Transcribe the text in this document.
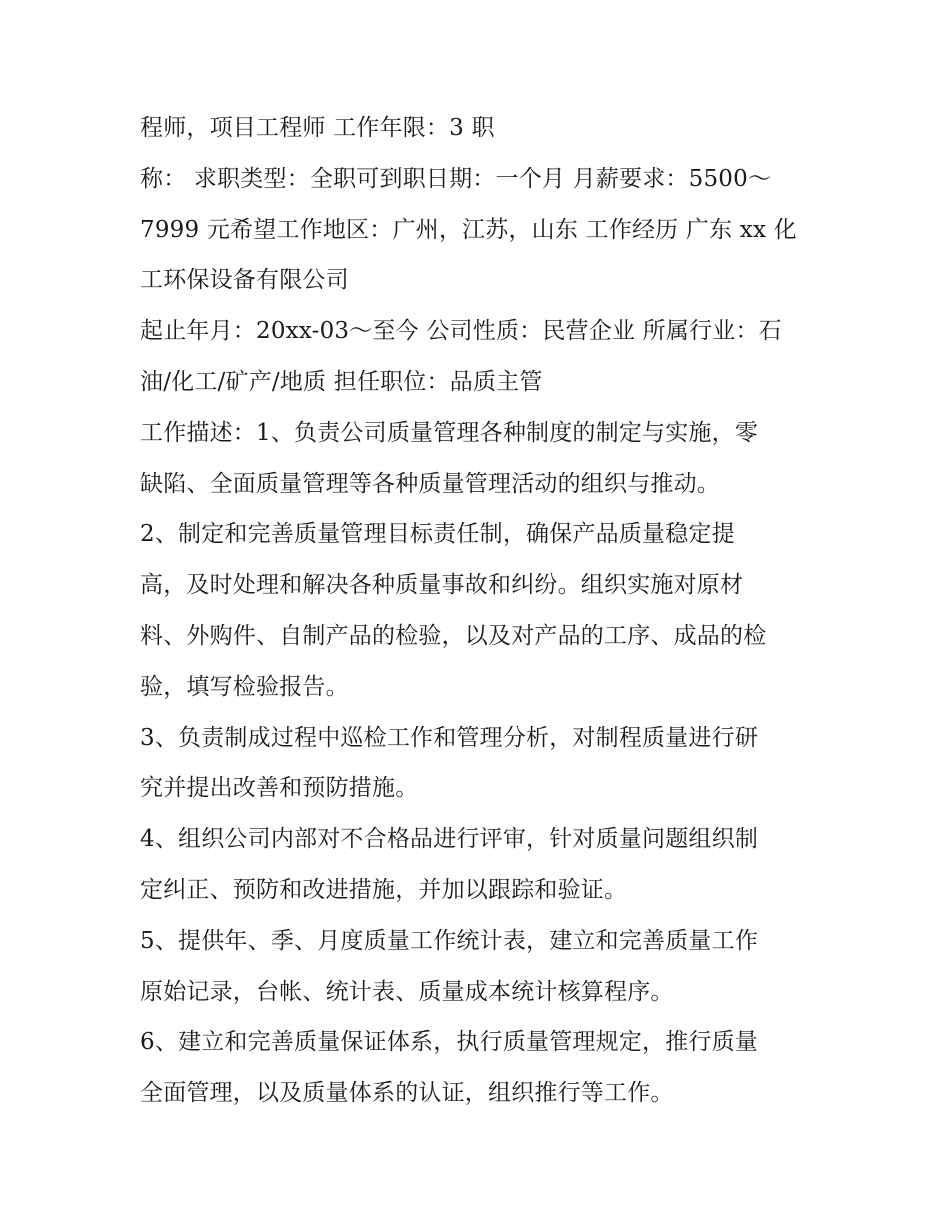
程师，项目工程师 工作年限：3 职
称： 求职类型：全职可到职日期：一个月 月薪要求：5500～
7999 元希望工作地区：广州，江苏，山东 工作经历 广东 xx 化
工环保设备有限公司
起止年月：20xx-03～至今 公司性质：民营企业 所属行业：石
油/化工/矿产/地质 担任职位：品质主管
工作描述：1、负责公司质量管理各种制度的制定与实施，零
缺陷、全面质量管理等各种质量管理活动的组织与推动。
2、制定和完善质量管理目标责任制，确保产品质量稳定提
高，及时处理和解决各种质量事故和纠纷。组织实施对原材
料、外购件、自制产品的检验，以及对产品的工序、成品的检
验，填写检验报告。
3、负责制成过程中巡检工作和管理分析，对制程质量进行研
究并提出改善和预防措施。
4、组织公司内部对不合格品进行评审，针对质量问题组织制
定纠正、预防和改进措施，并加以跟踪和验证。
5、提供年、季、月度质量工作统计表，建立和完善质量工作
原始记录，台帐、统计表、质量成本统计核算程序。
6、建立和完善质量保证体系，执行质量管理规定，推行质量
全面管理，以及质量体系的认证，组织推行等工作。
